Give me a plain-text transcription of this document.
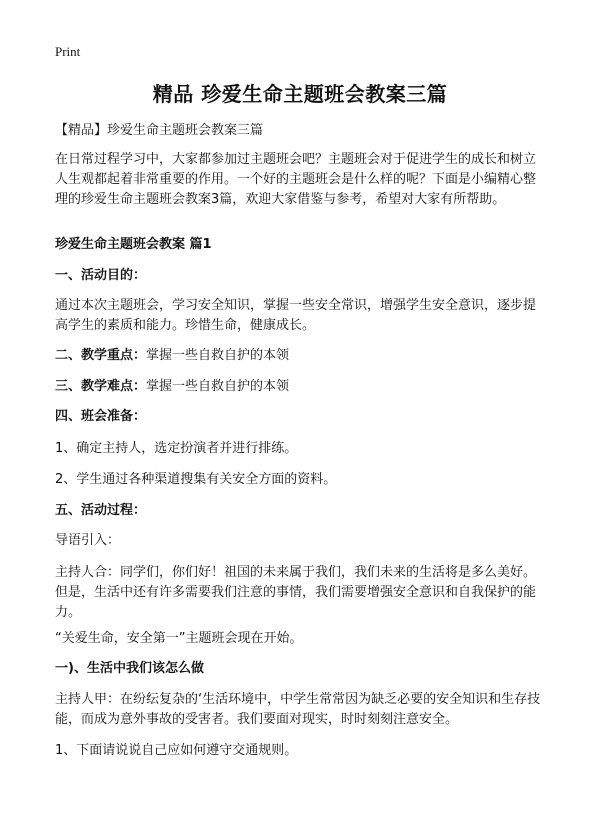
Print
精品 珍爱生命主题班会教案三篇
【精品】珍爱生命主题班会教案三篇

在日常过程学习中，大家都参加过主题班会吧？主题班会对于促进学生的成长和树立人生观都起着非常重要的作用。一个好的主题班会是什么样的呢？下面是小编精心整理的珍爱生命主题班会教案3篇，欢迎大家借鉴与参考，希望对大家有所帮助。

珍爱生命主题班会教案 篇1

一、活动目的：

通过本次主题班会，学习安全知识，掌握一些安全常识，增强学生安全意识，逐步提高学生的素质和能力。珍惜生命，健康成长。

二、教学重点：掌握一些自救自护的本领

三、教学难点：掌握一些自救自护的本领

四、班会准备：

1、确定主持人，选定扮演者并进行排练。

2、学生通过各种渠道搜集有关安全方面的资料。

五、活动过程：

导语引入：

主持人合：同学们，你们好！祖国的未来属于我们，我们未来的生活将是多么美好。但是，生活中还有许多需要我们注意的事情，我们需要增强安全意识和自我保护的能力。

“关爱生命，安全第一”主题班会现在开始。

一)、生活中我们该怎么做

主持人甲：在纷纭复杂的‘生活环境中，中学生常常因为缺乏必要的安全知识和生存技能，而成为意外事故的受害者。我们要面对现实，时时刻刻注意安全。

1、下面请说说自己应如何遵守交通规则。
